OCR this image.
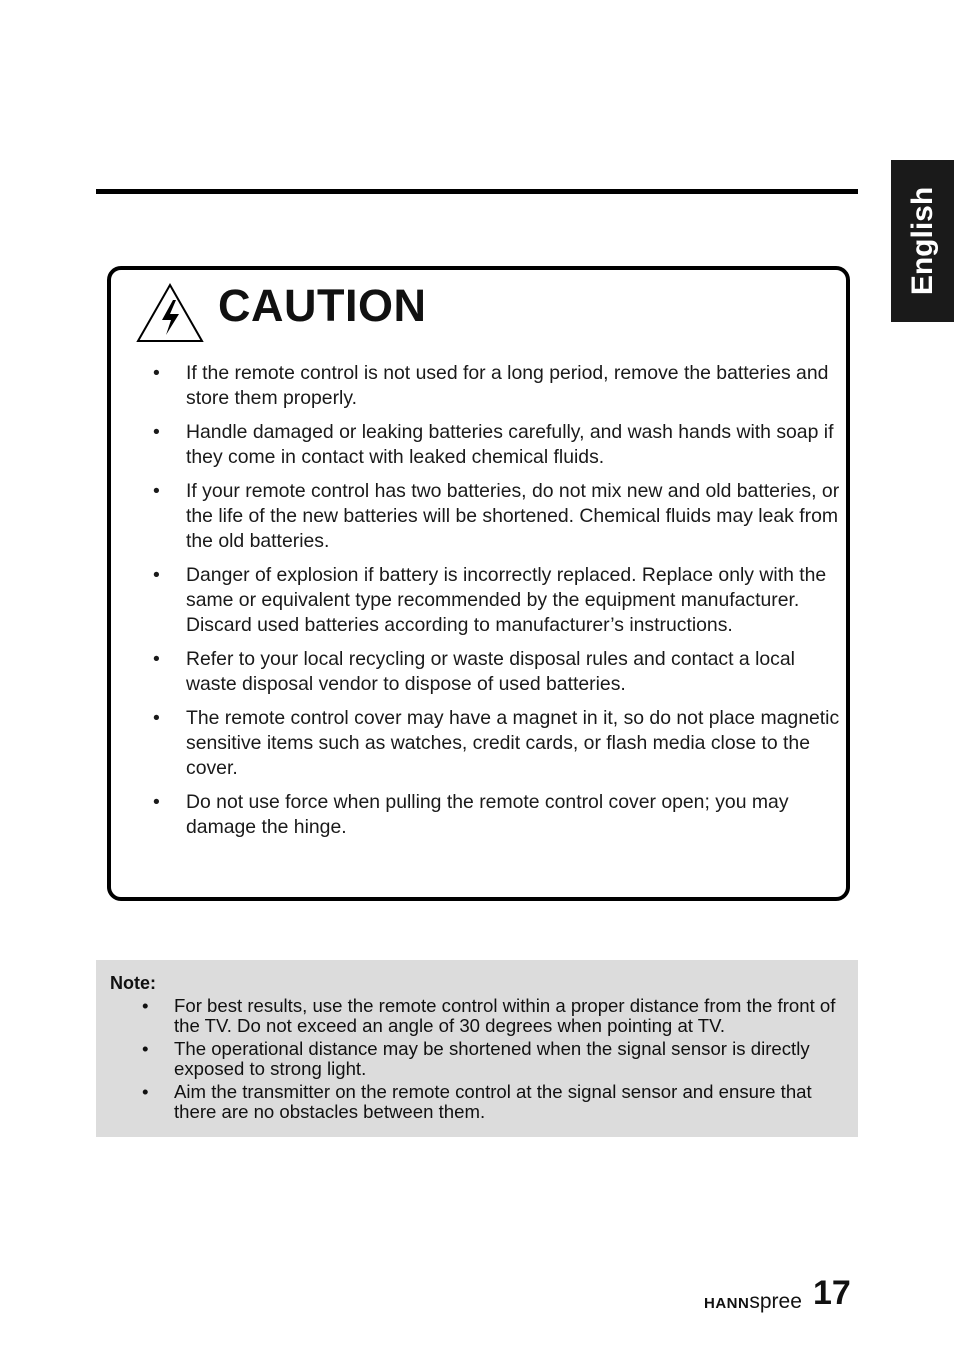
English
CAUTION
• If the remote control is not used for a long period, remove the batteries and store them properly.
• Handle damaged or leaking batteries carefully, and wash hands with soap if they come in contact with leaked chemical fluids.
• If your remote control has two batteries, do not mix new and old batteries, or the life of the new batteries will be shortened. Chemical fluids may leak from the old batteries.
• Danger of explosion if battery is incorrectly replaced. Replace only with the same or equivalent type recommended by the equipment manufacturer. Discard used batteries according to manufacturer’s instructions.
• Refer to your local recycling or waste disposal rules and contact a local waste disposal vendor to dispose of used batteries.
• The remote control cover may have a magnet in it, so do not place magnetic sensitive items such as watches, credit cards, or flash media close to the cover.
• Do not use force when pulling the remote control cover open; you may damage the hinge.
Note:
• For best results, use the remote control within a proper distance from the front of the TV. Do not exceed an angle of 30 degrees when pointing at TV.
• The operational distance may be shortened when the signal sensor is directly exposed to strong light.
• Aim the transmitter on the remote control at the signal sensor and ensure that there are no obstacles between them.
HANNspree 17
